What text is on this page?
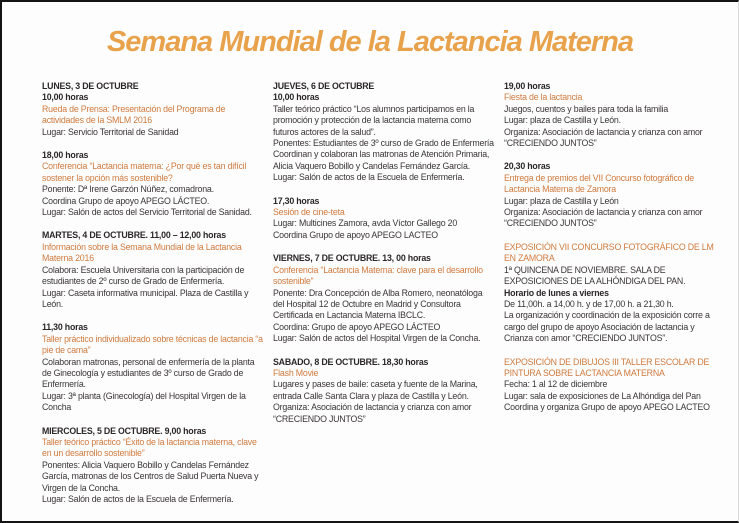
Semana Mundial de la Lactancia Materna

LUNES, 3 DE OCTUBRE

10,00 horas

Rueda de Prensa: Presentación del Programa de actividades de la SMLM 2016

Lugar: Servicio Territorial de Sanidad

18,00 horas

Conferencia “Lactancia materna: ¿Por qué es tan difícil sostener la opción más sostenible?

Ponente: Dª Irene Garzón Núñez, comadrona.

Coordina Grupo de apoyo APEGO LÁCTEO.

Lugar: Salón de actos del Servicio Territorial de Sanidad.

MARTES, 4 DE OCTUBRE. 11,00 – 12,00 horas

Información sobre la Semana Mundial de la Lactancia Materna 2016

Colabora: Escuela Universitaria con la participación de estudiantes de 2º curso de Grado de Enfermería.

Lugar: Caseta informativa municipal. Plaza de Castilla y León.

11,30 horas

Taller práctico individualizado sobre técnicas de lactancia “a pie de cama”

Colaboran matronas, personal de enfermería de la planta de Ginecología y estudiantes de 3º curso de Grado de Enfermería.

Lugar: 3ª planta (Ginecología) del Hospital Virgen de la Concha

MIERCOLES, 5 DE OCTUBRE. 9,00 horas

Taller teórico práctico “Éxito de la lactancia materna, clave en un desarrollo sostenible”

Ponentes: Alicia Vaquero Bobillo y Candelas Fernández García, matronas de los Centros de Salud Puerta Nueva y Virgen de la Concha.

Lugar: Salón de actos de la Escuela de Enfermería.

JUEVES, 6 DE OCTUBRE

10,00 horas

Taller teórico práctico “Los alumnos participamos en la promoción y protección de la lactancia materna como futuros actores de la salud”.

Ponentes: Estudiantes de 3º curso de Grado de Enfermería

Coordinan y colaboran las matronas de Atención Primaria, Alicia Vaquero Bobillo y Candelas Fernández García.

Lugar: Salón de actos de la Escuela de Enfermería.

17,30 horas

Sesión de cine-teta

Lugar: Multicines Zamora, avda Víctor Gallego 20

Coordina Grupo de apoyo APEGO LACTEO

VIERNES, 7 DE OCTUBRE. 13, 00 horas

Conferencia “Lactancia Materna: clave para el desarrollo sostenible”

Ponente: Dra Concepción de Alba Romero, neonatóloga del Hospital 12 de Octubre en Madrid y Consultora Certificada en Lactancia Materna IBCLC.

Coordina: Grupo de apoyo APEGO LÁCTEO

Lugar: Salón de actos del Hospital Virgen de la Concha.

SABADO, 8 DE OCTUBRE. 18,30 horas

Flash Movie

Lugares y pases de baile: caseta y fuente de la Marina, entrada Calle Santa Clara y plaza de Castilla y León.

Organiza: Asociación de lactancia y crianza con amor “CRECIENDO JUNTOS”

19,00 horas

Fiesta de la lactancia

Juegos, cuentos y bailes para toda la familia

Lugar: plaza de Castilla y León.

Organiza: Asociación de lactancia y crianza con amor “CRECIENDO JUNTOS”

20,30 horas

Entrega de premios del VII Concurso fotográfico de Lactancia Materna de Zamora

Lugar: plaza de Castilla y León

Organiza: Asociación de lactancia y crianza con amor “CRECIENDO JUNTOS”

EXPOSICIÓN VII CONCURSO FOTOGRÁFICO DE LM EN ZAMORA

1ª QUINCENA DE NOVIEMBRE. SALA DE EXPOSICIONES DE LA ALHÓNDIGA DEL PAN.

Horario de lunes a viernes

De 11,00h. a 14,00 h. y de 17,00 h. a 21,30 h.

La organización y coordinación de la exposición corre a cargo del grupo de apoyo Asociación de lactancia y Crianza con amor “CRECIENDO JUNTOS”.

EXPOSICIÓN DE DIBUJOS III TALLER ESCOLAR DE PINTURA SOBRE LACTANCIA MATERNA

Fecha: 1 al 12 de diciembre

Lugar: sala de exposiciones de La Alhóndiga del Pan

Coordina y organiza Grupo de apoyo APEGO LACTEO
